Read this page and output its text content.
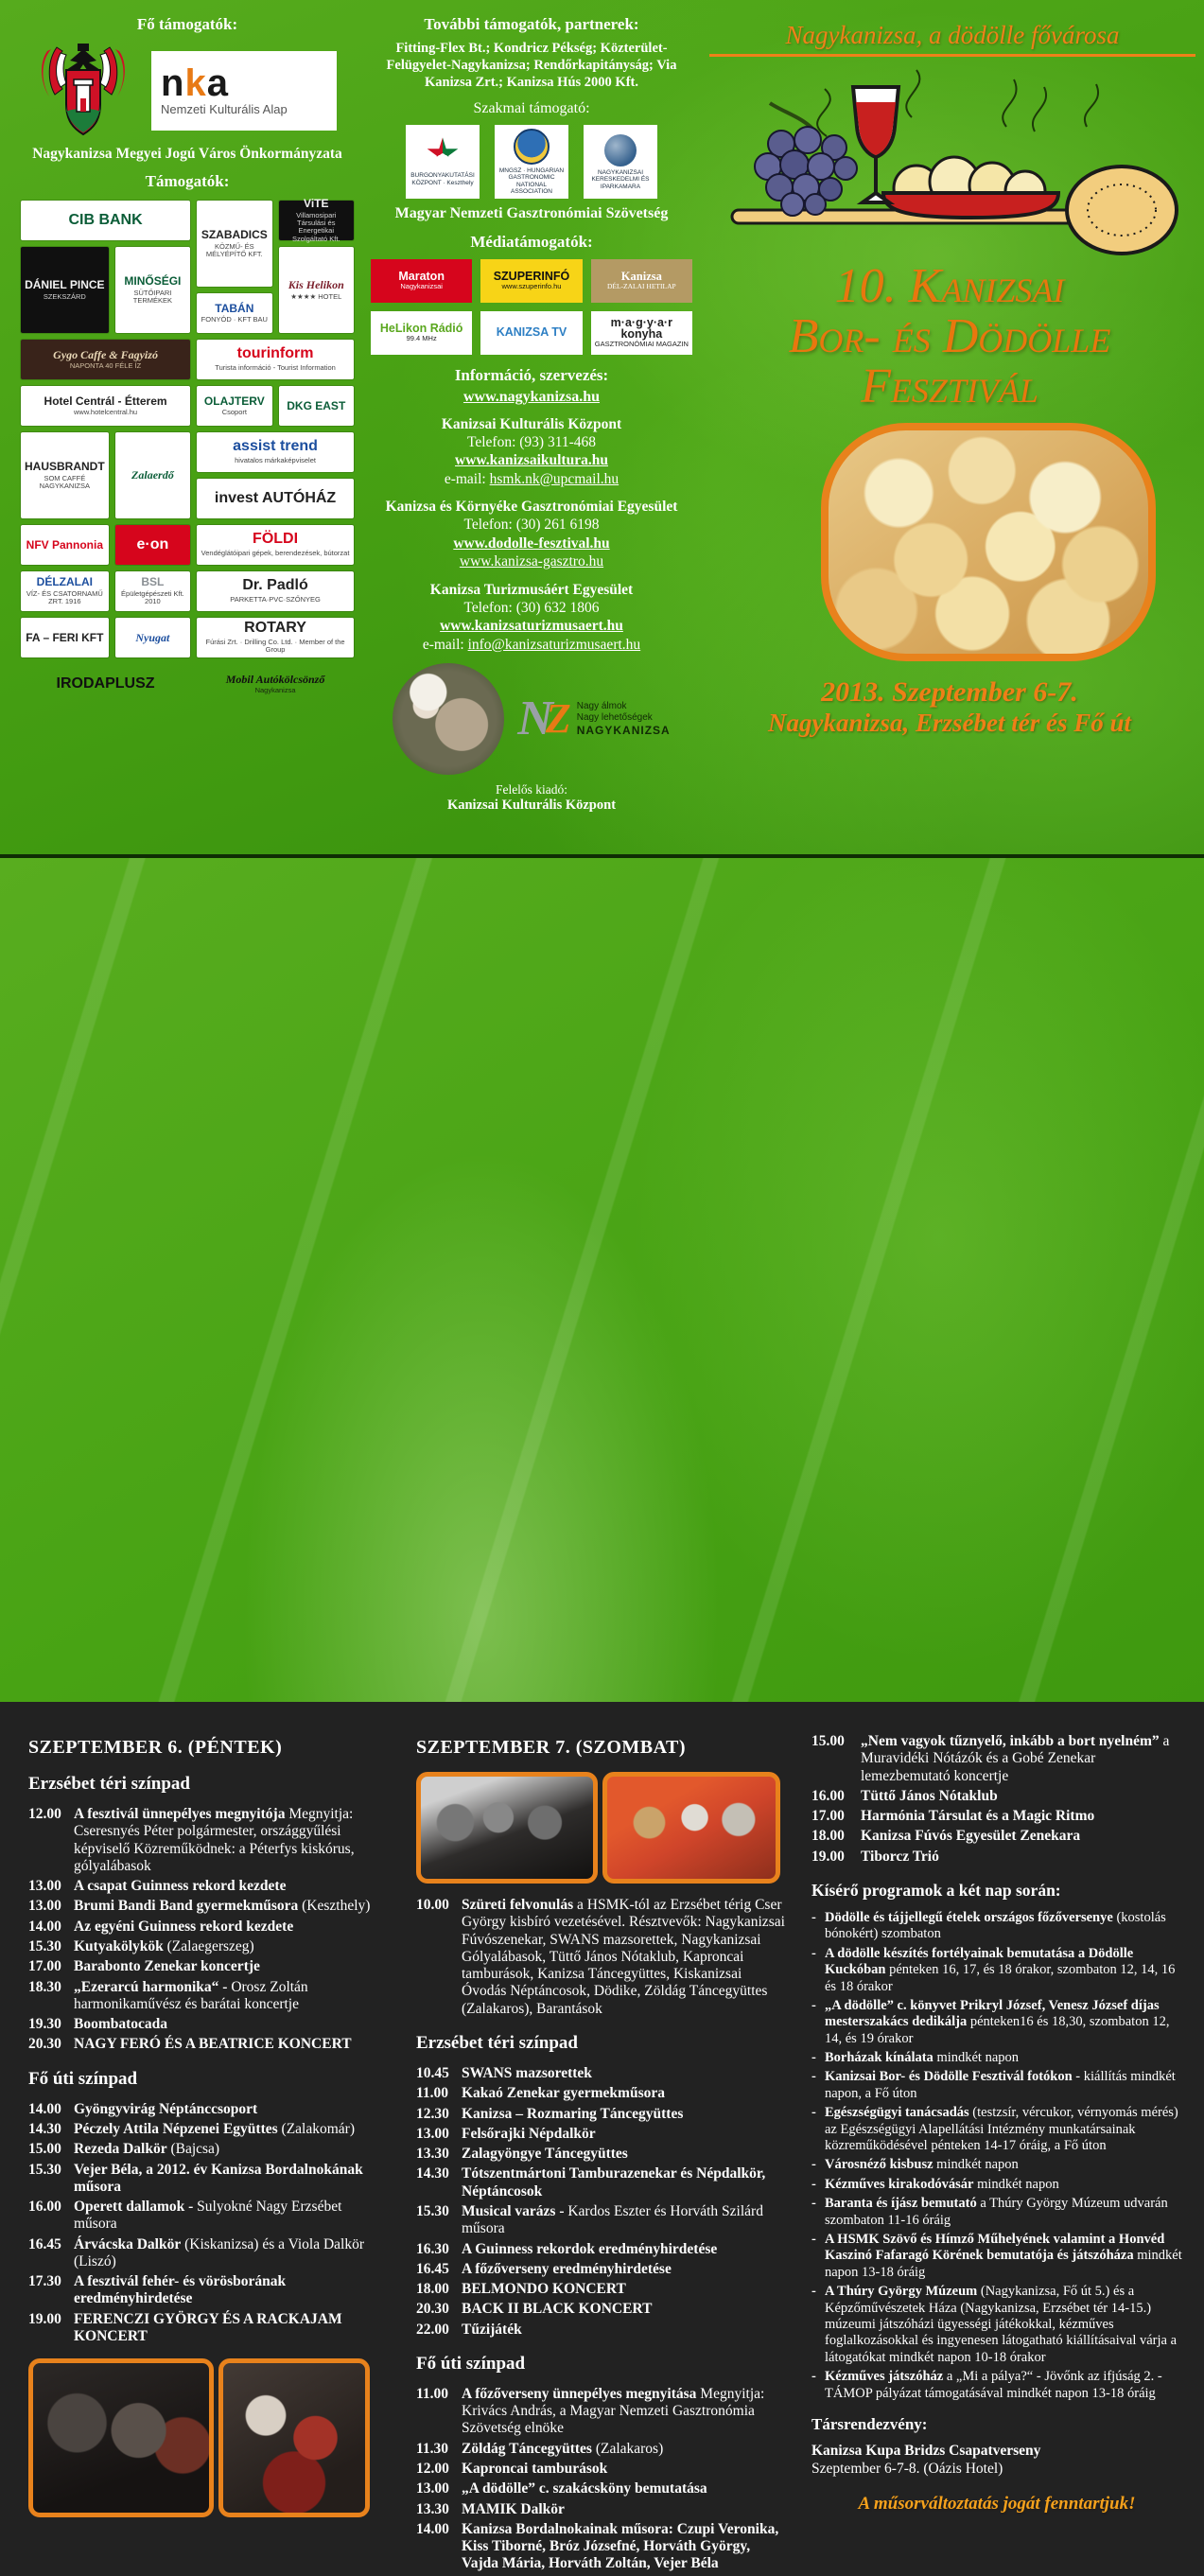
Fő támogatók:
nka
Nemzeti Kulturális Alap
Nagykanizsa Megyei Jogú Város Önkormányzata
Támogatók:
CIB BANK
SZABADICS
KÖZMŰ- ÉS MÉLYÉPÍTŐ KFT.
ViTE
Villamosipari Társulási és Energetikai Szolgáltató Kft.
DÁNIEL PINCE
SZEKSZÁRD
MINŐSÉGI
SÜTŐIPARI TERMÉKEK
Kis Helikon
★★★★ HOTEL
Gygo Caffe & Fagyizó
NAPONTA 40 FÉLE ÍZ
tourinform
Turista információ - Tourist Information
Hotel Centrál - Étterem
www.hotelcentral.hu
TABÁN
FONYÓD · KFT BAU
OLAJTERV
Csoport	DKG EAST
HAUSBRANDT
SOM CAFFÉ NAGYKANIZSA
Zalaerdő
assist trend
hivatalos márkaképviselet
invest AUTÓHÁZ
NFV Pannonia e·on	FÖLDI
Vendéglátóipari gépek, berendezések, bútorzat
DÉLZALAI
VÍZ- ÉS CSATORNAMŰ ZRT. 1916
BSL
Épületgépészeti Kft. 2010
Dr. Padló
PARKETTA·PVC·SZŐNYEG
FA – FERI KFT	Nyugat
ROTARY
Fúrási Zrt. · Drilling Co. Ltd. · Member of the Group
IRODAPLUSZ	Mobil Autókölcsönző
Nagykanizsa
További támogatók, partnerek:
Fitting-Flex Bt.; Kondricz Pékség; Közterület-Felügyelet-Nagykanizsa; Rendőrkapitányság; Via Kanizsa Zrt.; Kanizsa Hús 2000 Kft.
Szakmai támogató:
BURGONYAKUTATÁSI KÖZPONT · Keszthely
MNGSZ · HUNGARIAN GASTRONOMIC NATIONAL ASSOCIATION
NAGYKANIZSAI KERESKEDELMI ÉS IPARKAMARA
Magyar Nemzeti Gasztronómiai Szövetség
Médiatámogatók:
Maraton
Nagykanizsai
SZUPERINFÓ
www.szuperinfo.hu
Kanizsa
DÉL-ZALAI HETILAP
HeLikon Rádió
99.4 MHz	KANIZSA TV
m·a·g·y·a·r konyha
GASZTRONÓMIAI MAGAZIN
Információ, szervezés:
www.nagykanizsa.hu
Kanizsai Kulturális Központ
Telefon: (93) 311-468
www.kanizsaikultura.hu
e-mail: hsmk.nk@upcmail.hu
Kanizsa és Környéke Gasztronómiai Egyesület
Telefon: (30) 261 6198
www.dodolle-fesztival.hu
www.kanizsa-gasztro.hu
Kanizsa Turizmusáért Egyesület
Telefon: (30) 632 1806
www.kanizsaturizmusaert.hu
e-mail: info@kanizsaturizmusaert.hu
N
Z Nagy álmok
Nagy lehetőségek
NAGYKANIZSA
Felelős kiadó:
Kanizsai Kulturális Központ
Nagykanizsa, a dödölle fővárosa
10. Kanizsai
Bor- és Dödölle
Fesztivál
2013. Szeptember 6-7.
Nagykanizsa, Erzsébet tér és Fő út
SZEPTEMBER 6. (PÉNTEK)
Erzsébet téri színpad
12.00 A fesztivál ünnepélyes megnyitója Megnyitja: Cseresnyés Péter polgármester, országgyűlési képviselő Közreműködnek: a Péterfys kiskórus, gólyalábasok
13.00 A csapat Guinness rekord kezdete
13.00 Brumi Bandi Band gyermekműsora (Keszthely)
14.00 Az egyéni Guinness rekord kezdete
15.30 Kutyakölykök (Zalaegerszeg)
17.00 Barabonto Zenekar koncertje
18.30 „Ezerarcú harmonika“ - Orosz Zoltán harmonikaművész és barátai koncertje
19.30 Boombatocada
20.30 NAGY FERÓ ÉS A BEATRICE KONCERT
Fő úti színpad
14.00 Gyöngyvirág Néptánccsoport
14.30 Péczely Attila Népzenei Együttes (Zalakomár)
15.00 Rezeda Dalkör (Bajcsa)
15.30 Vejer Béla, a 2012. év Kanizsa Bordalnokának műsora
16.00 Operett dallamok - Sulyokné Nagy Erzsébet műsora
16.45 Árvácska Dalkör (Kiskanizsa) és a Viola Dalkör (Liszó)
17.30 A fesztivál fehér- és vörösborának eredményhirdetése
19.00 FERENCZI GYÖRGY ÉS A RACKAJAM KONCERT
SZEPTEMBER 7. (SZOMBAT)
10.00 Szüreti felvonulás a HSMK-tól az Erzsébet térig Cser György kisbíró vezetésével. Résztvevők: Nagykanizsai Fúvószenekar, SWANS mazsorettek, Nagykanizsai Gólyalábasok, Tüttő János Nótaklub, Kaproncai tamburások, Kanizsa Táncegyüttes, Kiskanizsai Óvodás Néptáncosok, Dödike, Zöldág Táncegyüttes (Zalakaros), Barantások
Erzsébet téri színpad
10.45 SWANS mazsorettek
11.00 Kakaó Zenekar gyermekműsora
12.30 Kanizsa – Rozmaring Táncegyüttes
13.00 Felsőrajki Népdalkör
13.30 Zalagyöngye Táncegyüttes
14.30 Tótszentmártoni Tamburazenekar és Népdalkör, Néptáncosok
15.30 Musical varázs - Kardos Eszter és Horváth Szilárd műsora
16.30 A Guinness rekordok eredményhirdetése
16.45 A főzőverseny eredményhirdetése
18.00 BELMONDO KONCERT
20.30 BACK II BLACK KONCERT
22.00 Tűzijáték
Fő úti színpad
11.00 A főzőverseny ünnepélyes megnyitása Megnyitja: Krivács András, a Magyar Nemzeti Gasztronómia Szövetség elnöke
11.30 Zöldág Táncegyüttes (Zalakaros)
12.00 Kaproncai tamburások
13.00 „A dödölle” c. szakácsköny bemutatása
13.30 MAMIK Dalkör
14.00 Kanizsa Bordalnokainak műsora: Czupi Veronika, Kiss Tiborné, Bróz Józsefné, Horváth György, Vajda Mária, Horváth Zoltán, Vejer Béla
15.00	„Nem vagyok tűznyelő, inkább a bort nyelném” a Muravidéki Nótázók és a Gobé Zenekar lemezbemutató koncertje
16.00	Tüttő János Nótaklub
17.00	Harmónia Társulat és a Magic Ritmo
18.00	Kanizsa Fúvós Egyesület Zenekara
19.00	Tiborcz Trió
Kísérő programok a két nap során:
- Dödölle és tájjellegű ételek országos főzőversenye (kostolás bónokért) szombaton
- A dödölle készítés fortélyainak bemutatása a Dödölle Kuckóban pénteken 16, 17, és 18 órakor, szombaton 12, 14, 16 és 18 órakor
- „A dödölle” c. könyvet Prikryl József, Venesz József díjas mesterszakács dedikálja pénteken16 és 18,30, szombaton 12, 14, és 19 órakor
- Borházak kínálata mindkét napon
- Kanizsai Bor- és Dödölle Fesztivál fotókon - kiállítás mindkét napon, a Fő úton
- Egészségügyi tanácsadás (testzsír, vércukor, vérnyomás mérés) az Egészségügyi Alapellátási Intézmény munkatársainak közreműködésével pénteken 14-17 óráig, a Fő úton
- Városnéző kisbusz mindkét napon
- Kézműves kirakodóvásár mindkét napon
- Baranta és íjász bemutató a Thúry György Múzeum udvarán szombaton 11-16 óráig
- A HSMK Szövő és Hímző Műhelyének valamint a Honvéd Kaszinó Fafaragó Körének bemutatója és játszóháza mindkét napon 13-18 óráig
- A Thúry György Múzeum (Nagykanizsa, Fő út 5.) és a Képzőművészetek Háza (Nagykanizsa, Erzsébet tér 14-15.) múzeumi játszóházi ügyességi játékokkal, kézműves foglalkozásokkal és ingyenesen látogatható kiállításaival várja a látogatókat mindkét napon 10-18 órakor
- Kézműves játszóház a „Mi a pálya?“ - Jövőnk az ifjúság 2. - TÁMOP pályázat támogatásával mindkét napon 13-18 óráig
Társrendezvény:
Kanizsa Kupa Bridzs Csapatverseny
Szeptember 6-7-8. (Oázis Hotel)
A műsorváltoztatás jogát fenntartjuk!
